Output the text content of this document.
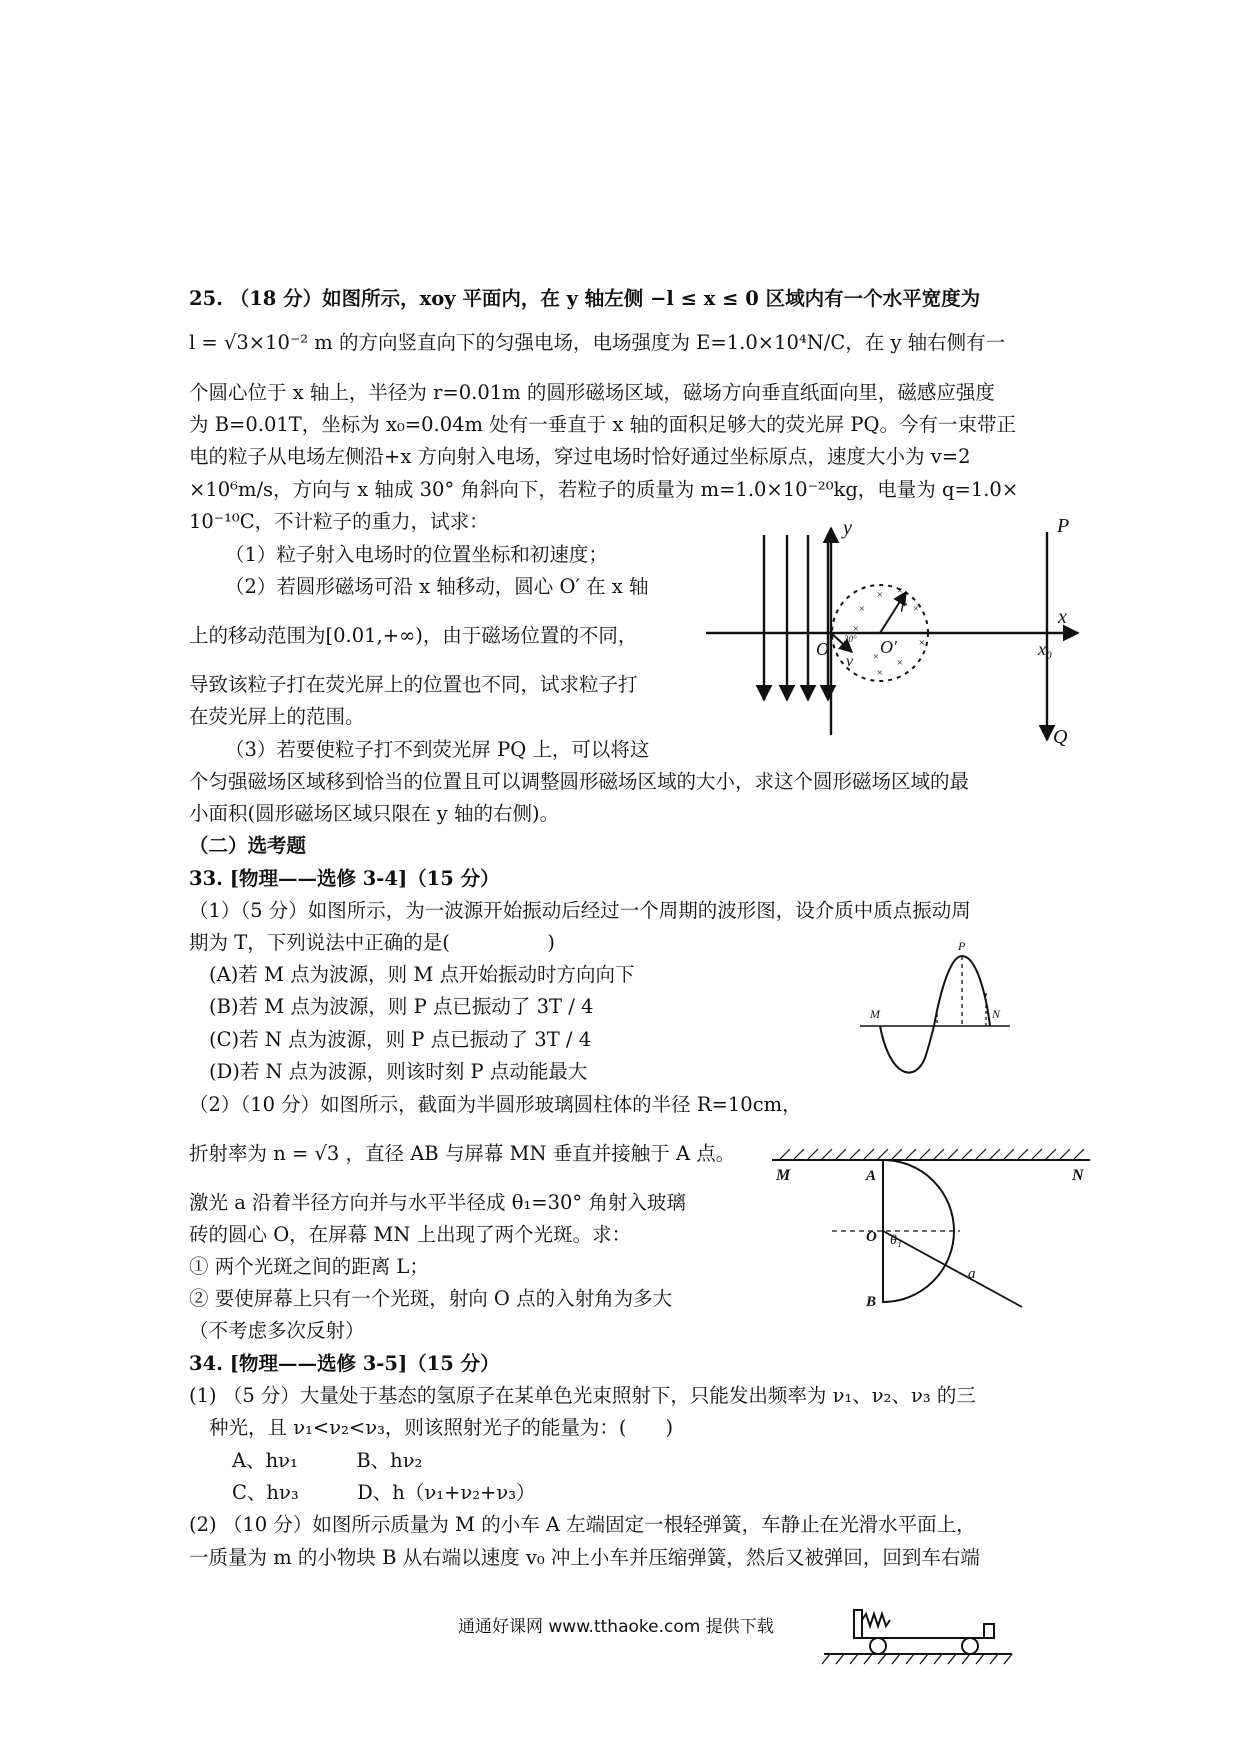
25. （18 分）如图所示，xoy 平面内，在 y 轴左侧 −l ≤ x ≤ 0 区域内有一个水平宽度为
l = √3×10⁻² m 的方向竖直向下的匀强电场，电场强度为 E=1.0×10⁴N/C，在 y 轴右侧有一
个圆心位于 x 轴上，半径为 r=0.01m 的圆形磁场区域，磁场方向垂直纸面向里，磁感应强度
为 B=0.01T，坐标为 x₀=0.04m 处有一垂直于 x 轴的面积足够大的荧光屏 PQ。今有一束带正
电的粒子从电场左侧沿+x 方向射入电场，穿过电场时恰好通过坐标原点，速度大小为 v=2
×10⁶m/s，方向与 x 轴成 30° 角斜向下，若粒子的质量为 m=1.0×10⁻²⁰kg，电量为 q=1.0×
10⁻¹⁰C，不计粒子的重力，试求：
（1）粒子射入电场时的位置坐标和初速度；
（2）若圆形磁场可沿 x 轴移动，圆心 O′ 在 x 轴
上的移动范围为[0.01,+∞)，由于磁场位置的不同，
导致该粒子打在荧光屏上的位置也不同，试求粒子打
在荧光屏上的范围。
（3）若要使粒子打不到荧光屏 PQ 上，可以将这
个匀强磁场区域移到恰当的位置且可以调整圆形磁场区域的大小，求这个圆形磁场区域的最
小面积(圆形磁场区域只限在 y 轴的右侧)。
× ×
×	×
×
×
× ×
×
y	P
x
x₀
Q
O	O′
r
v
30°
（二）选考题
33. [物理——选修 3-4]（15 分）
（1）（5 分）如图所示，为一波源开始振动后经过一个周期的波形图，设介质中质点振动周
期为 T，下列说法中正确的是(　　　　　)
(A)若 M 点为波源，则 M 点开始振动时方向向下
(B)若 M 点为波源，则 P 点已振动了 3T / 4
(C)若 N 点为波源，则 P 点已振动了 3T / 4
(D)若 N 点为波源，则该时刻 P 点动能最大
P
M	N
（2）（10 分）如图所示，截面为半圆形玻璃圆柱体的半径 R=10cm，
折射率为 n = √3 ，直径 AB 与屏幕 MN 垂直并接触于 A 点。
激光 a 沿着半径方向并与水平半径成 θ₁=30° 角射入玻璃
砖的圆心 O，在屏幕 MN 上出现了两个光斑。求：
① 两个光斑之间的距离 L；
② 要使屏幕上只有一个光斑，射向 O 点的入射角为多大
（不考虑多次反射）
M	A	N
O θ₁
a
B
34. [物理——选修 3-5]（15 分）
(1) （5 分）大量处于基态的氢原子在某单色光束照射下，只能发出频率为 ν₁、ν₂、ν₃ 的三
种光，且 ν₁<ν₂<ν₃，则该照射光子的能量为：(　　)
A、hν₁　　　B、hν₂
C、hν₃　　　D、h（ν₁+ν₂+ν₃）
(2) （10 分）如图所示质量为 M 的小车 A 左端固定一根轻弹簧，车静止在光滑水平面上，
一质量为 m 的小物块 B 从右端以速度 v₀ 冲上小车并压缩弹簧，然后又被弹回，回到车右端
通通好课网 www.tthaoke.com 提供下载
